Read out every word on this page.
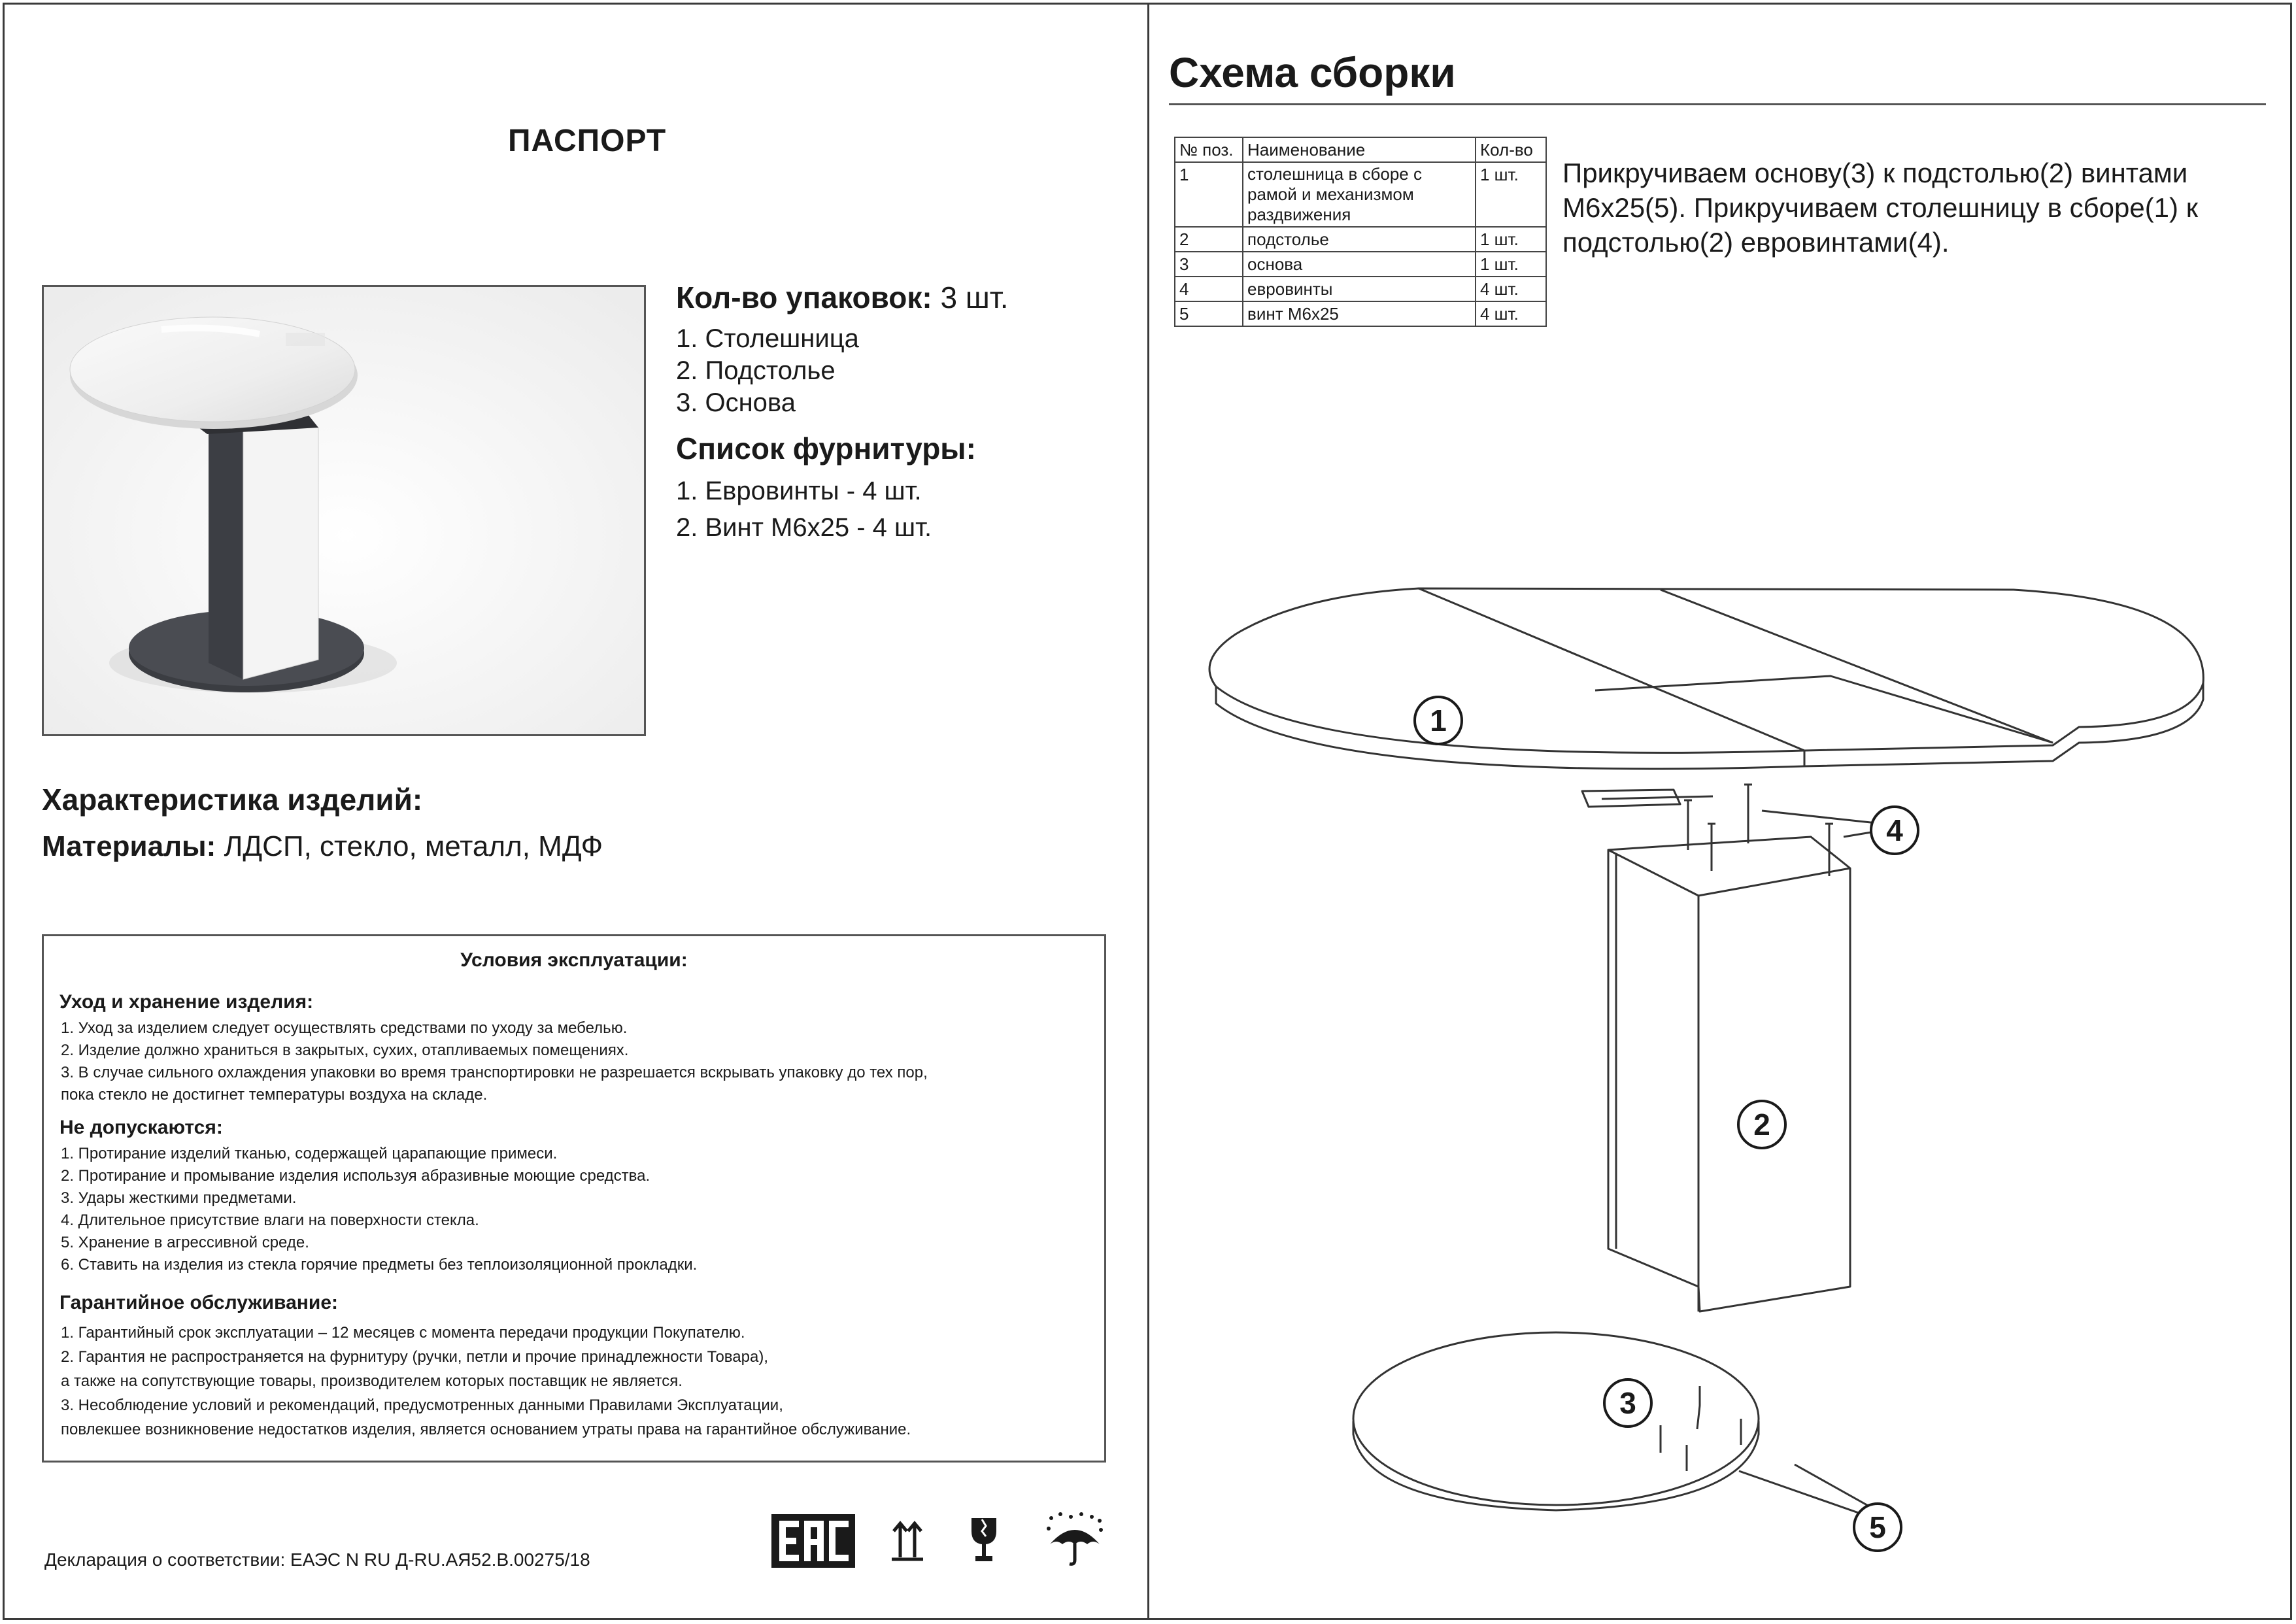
ПАСПОРТ
Кол-во упаковок: 3 шт.
1. Столешница
2. Подстолье
3. Основа
Список фурнитуры:
1. Евровинты - 4 шт.
2. Винт М6х25 - 4 шт.
Характеристика изделий:
Материалы: ЛДСП, стекло, металл, МДФ
Условия эксплуатации:
Уход и хранение изделия:
1. Уход за изделием следует осуществлять средствами по уходу за мебелью.
2. Изделие должно храниться в закрытых, сухих, отапливаемых помещениях.
3. В случае сильного охлаждения упаковки во время транспортировки не разрешается вскрывать упаковку до тех пор,
пока стекло не достигнет температуры воздуха на складе.
Не допускаются:
1. Протирание изделий тканью, содержащей царапающие примеси.
2. Протирание и промывание изделия используя абразивные моющие средства.
3. Удары жесткими предметами.
4. Длительное присутствие влаги на поверхности стекла.
5. Хранение в агрессивной среде.
6. Ставить на изделия из стекла горячие предметы без теплоизоляционной прокладки.
Гарантийное обслуживание:
1. Гарантийный срок эксплуатации – 12 месяцев с момента передачи продукции Покупателю.
2. Гарантия не распространяется на фурнитуру (ручки, петли и прочие принадлежности Товара),
а также на сопутствующие товары, производителем которых поставщик не является.
3. Несоблюдение условий и рекомендаций, предусмотренных данными Правилами Эксплуатации,
повлекшее возникновение недостатков изделия, является основанием утраты права на гарантийное обслуживание.
Декларация о соответствии: ЕАЭС N RU Д-RU.АЯ52.В.00275/18
Схема сборки
№ поз.	Наименование	Кол-во
1	столешница в сборе с рамой и механизмом раздвижения	1 шт.
2	подстолье	1 шт.
3	основа	1 шт.
4	евровинты	4 шт.
5	винт М6х25	4 шт.
Прикручиваем основу(3) к подстолью(2) винтами М6х25(5). Прикручиваем столешницу в сборе(1) к подстолью(2) евровинтами(4).
1
2
3
4
5
